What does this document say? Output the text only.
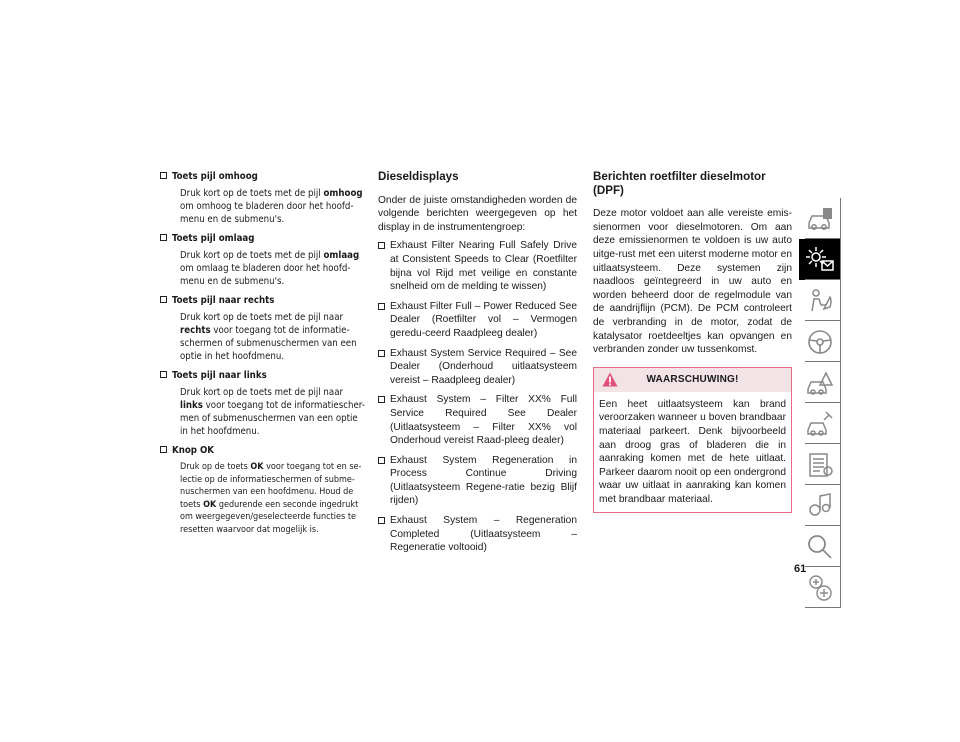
Toets pijl omhoog
Druk kort op de toets met de pijl omhoog om omhoog te bladeren door het hoofd-menu en de submenu's.
Toets pijl omlaag
Druk kort op de toets met de pijl omlaag om omlaag te bladeren door het hoofd-menu en de submenu's.
Toets pijl naar rechts
Druk kort op de toets met de pijl naar rechts voor toegang tot de informatie-schermen of submenuschermen van een optie in het hoofdmenu.
Toets pijl naar links
Druk kort op de toets met de pijl naar links voor toegang tot de informatiescher-men of submenuschermen van een optie in het hoofdmenu.
Knop OK
Druk op de toets OK voor toegang tot en se-lectie op de informatieschermen of subme-nuschermen van een hoofdmenu. Houd de toets OK gedurende een seconde ingedrukt om weergegeven/geselecteerde functies te resetten waarvoor dat mogelijk is.
Dieseldisplays

Onder de juiste omstandigheden worden de volgende berichten weergegeven op het display in de instrumentengroep:

Exhaust Filter Nearing Full Safely Drive at Consistent Speeds to Clear (Roetfilter bijna vol Rijd met veilige en constante snelheid om de melding te wissen)
Exhaust Filter Full – Power Reduced See Dealer (Roetfilter vol – Vermogen geredu-ceerd Raadpleeg dealer)
Exhaust System Service Required – See Dealer (Onderhoud uitlaatsysteem vereist – Raadpleeg dealer)
Exhaust System – Filter XX% Full Service Required See Dealer (Uitlaatsysteem – Filter XX% vol Onderhoud vereist Raad-pleeg dealer)
Exhaust System Regeneration in Process Continue Driving (Uitlaatsysteem Regene-ratie bezig Blijf rijden)
Exhaust System – Regeneration Completed (Uitlaatsysteem – Regeneratie voltooid)
Berichten roetfilter dieselmotor (DPF)

Deze motor voldoet aan alle vereiste emis-sienormen voor dieselmotoren. Om aan deze emissienormen te voldoen is uw auto uitge-rust met een uiterst moderne motor en uitlaatsysteem. Deze systemen zijn naadloos geïntegreerd in uw auto en worden beheerd door de regelmodule van de aandrijflijn (PCM). De PCM controleert de verbranding in de motor, zodat de katalysator roetdeeltjes kan opvangen en verbranden zonder uw tussenkomst.

WAARSCHUWING!
Een heet uitlaatsysteem kan brand veroorzaken wanneer u boven brandbaar materiaal parkeert. Denk bijvoorbeeld aan droog gras of bladeren die in aanraking komen met de hete uitlaat. Parkeer daarom nooit op een ondergrond waar uw uitlaat in aanraking kan komen met brandbaar materiaal.
61
